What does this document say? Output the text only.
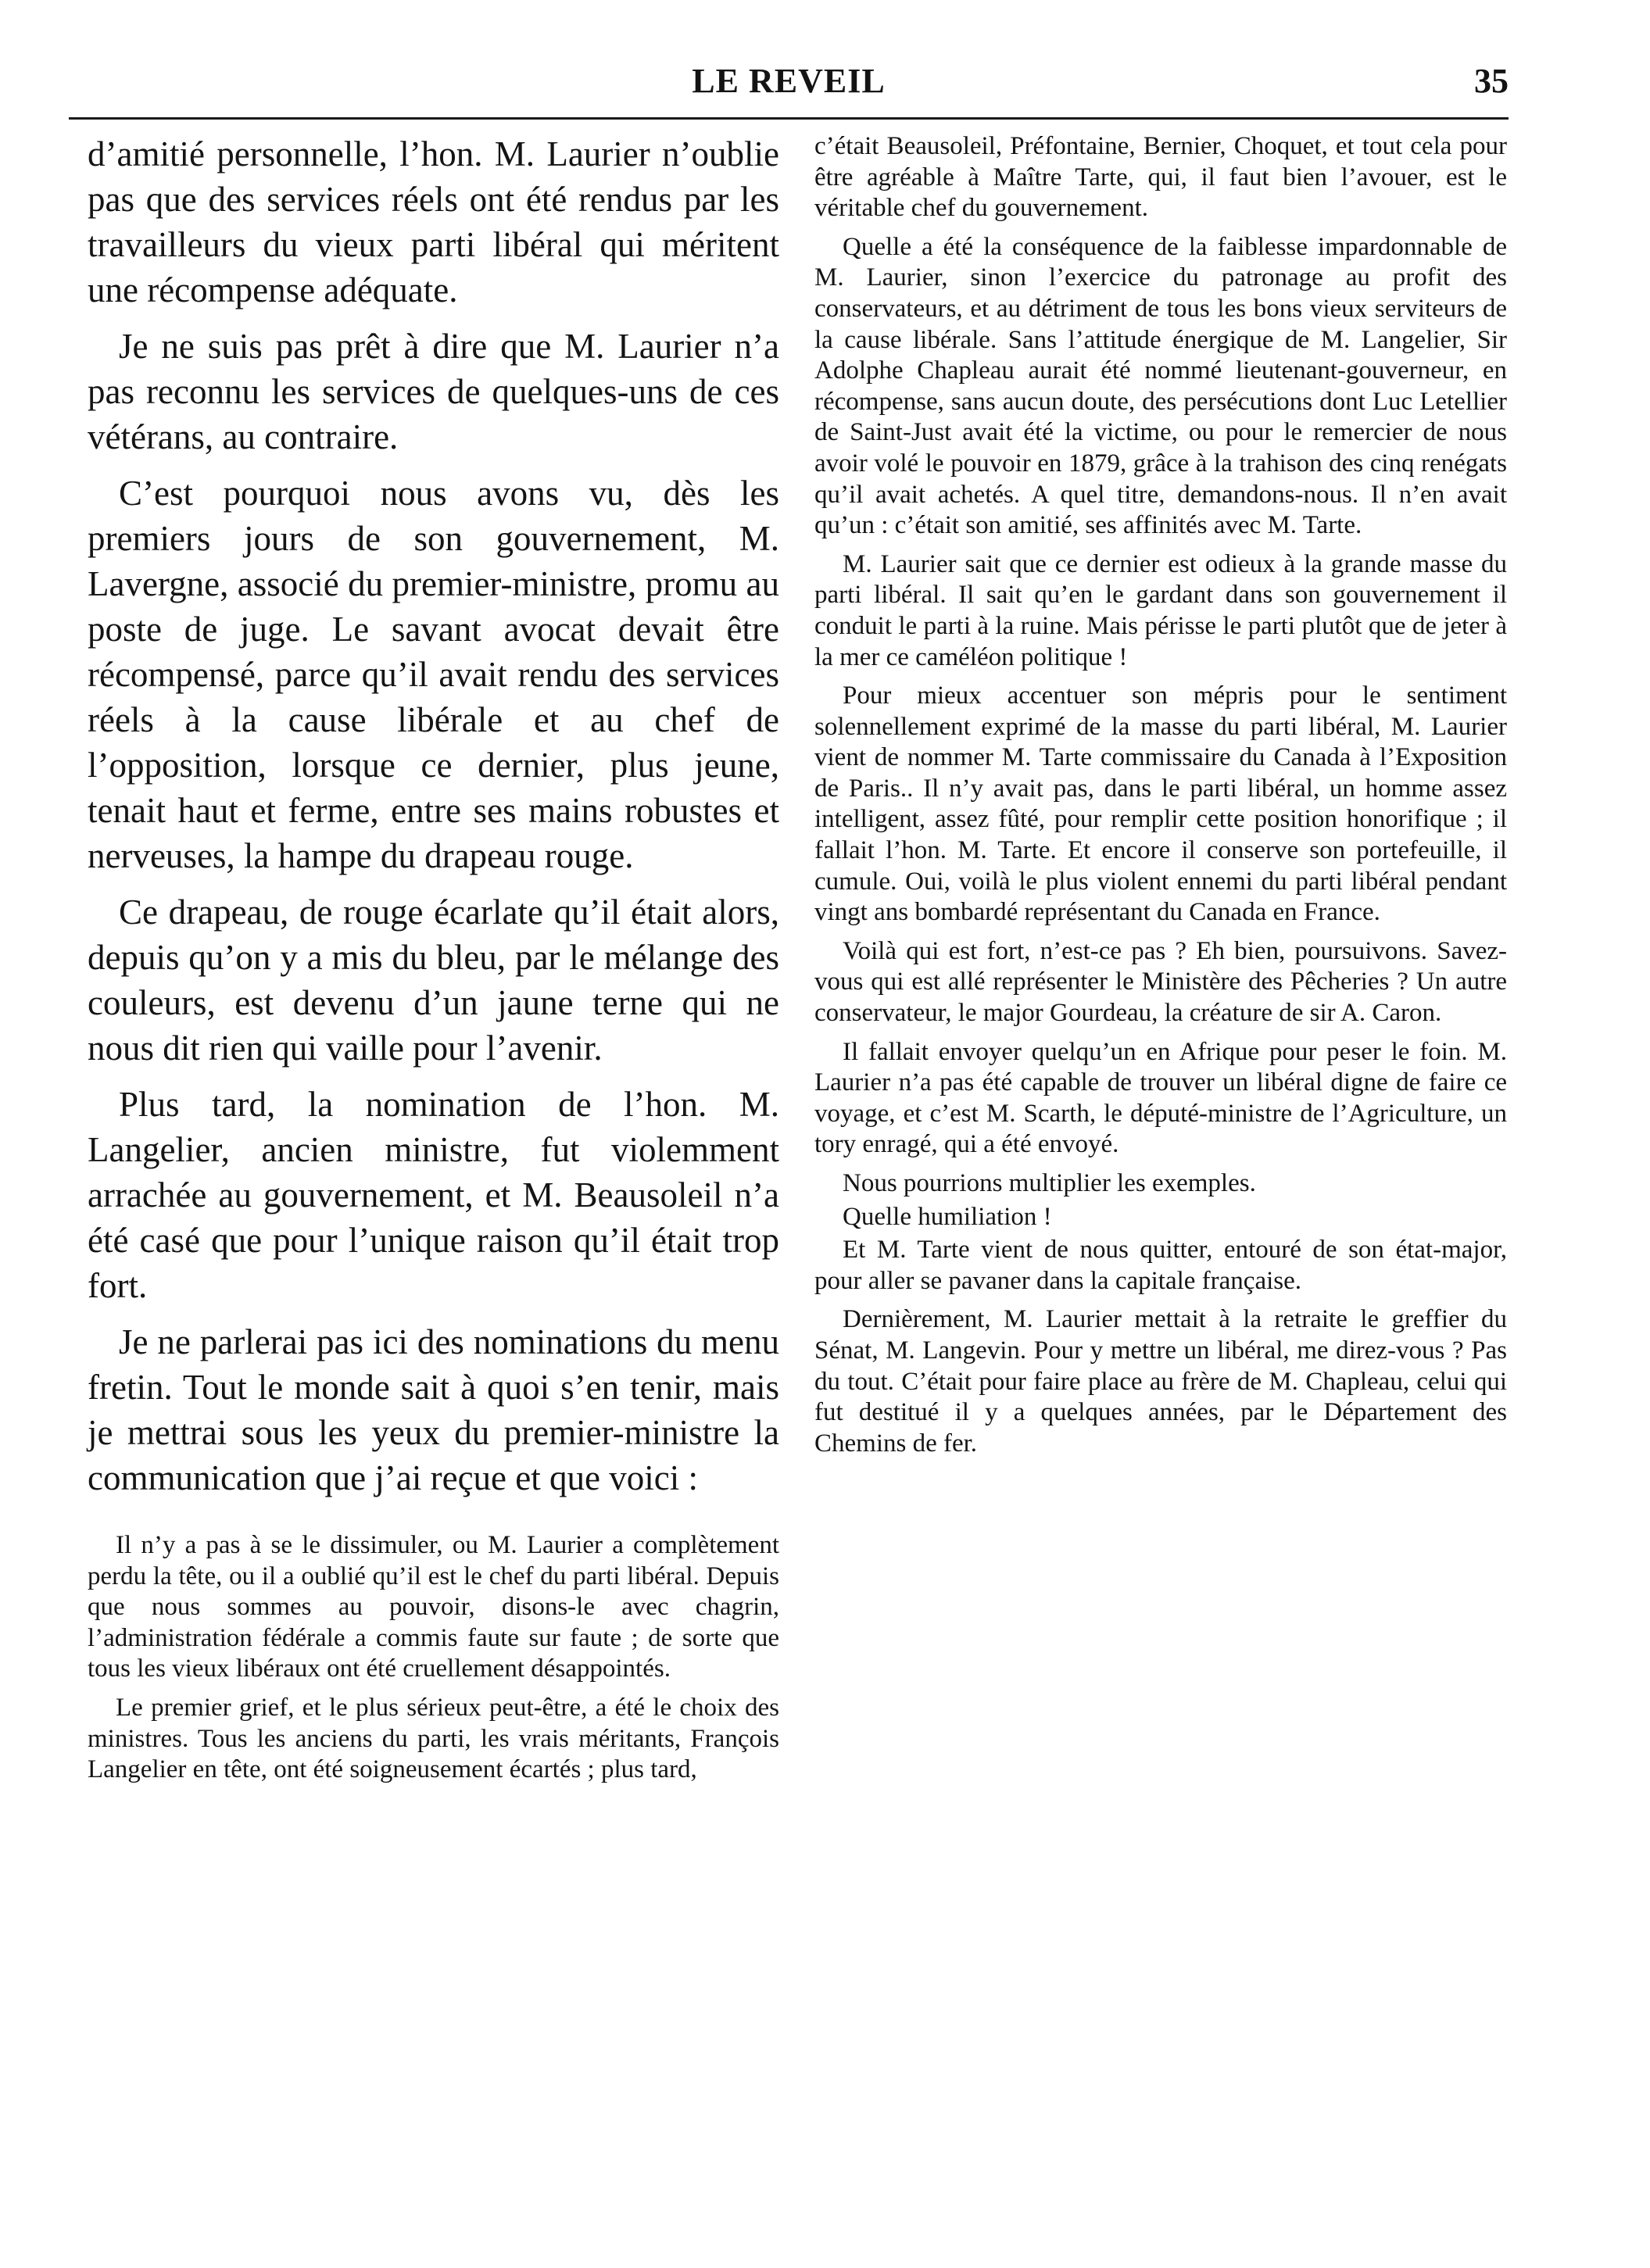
LE REVEIL	35

d’amitié personnelle, l’hon. M. Laurier n’oublie pas que des services réels ont été rendus par les travailleurs du vieux parti libéral qui méritent une récompense adéquate.

Je ne suis pas prêt à dire que M. Laurier n’a pas reconnu les services de quelques-uns de ces vétérans, au contraire.

C’est pourquoi nous avons vu, dès les premiers jours de son gouvernement, M. Lavergne, associé du premier-ministre, promu au poste de juge. Le savant avocat devait être récompensé, parce qu’il avait rendu des services réels à la cause libérale et au chef de l’opposition, lorsque ce dernier, plus jeune, tenait haut et ferme, entre ses mains robustes et nerveuses, la hampe du drapeau rouge.

Ce drapeau, de rouge écarlate qu’il était alors, depuis qu’on y a mis du bleu, par le mélange des couleurs, est devenu d’un jaune terne qui ne nous dit rien qui vaille pour l’avenir.

Plus tard, la nomination de l’hon. M. Langelier, ancien ministre, fut violemment arrachée au gouvernement, et M. Beausoleil n’a été casé que pour l’unique raison qu’il était trop fort.

Je ne parlerai pas ici des nominations du menu fretin. Tout le monde sait à quoi s’en tenir, mais je mettrai sous les yeux du premier-ministre la communication que j’ai reçue et que voici :

Il n’y a pas à se le dissimuler, ou M. Laurier a complètement perdu la tête, ou il a oublié qu’il est le chef du parti libéral. Depuis que nous sommes au pouvoir, disons-le avec chagrin, l’administration fédérale a commis faute sur faute ; de sorte que tous les vieux libéraux ont été cruellement désappointés.

Le premier grief, et le plus sérieux peut-être, a été le choix des ministres. Tous les anciens du parti, les vrais méritants, François Langelier en tête, ont été soigneusement écartés ; plus tard,

c’était Beausoleil, Préfontaine, Bernier, Choquet, et tout cela pour être agréable à Maître Tarte, qui, il faut bien l’avouer, est le véritable chef du gouvernement.

Quelle a été la conséquence de la faiblesse impardonnable de M. Laurier, sinon l’exercice du patronage au profit des conservateurs, et au détriment de tous les bons vieux serviteurs de la cause libérale. Sans l’attitude énergique de M. Langelier, Sir Adolphe Chapleau aurait été nommé lieutenant-gouverneur, en récompense, sans aucun doute, des persécutions dont Luc Letellier de Saint-Just avait été la victime, ou pour le remercier de nous avoir volé le pouvoir en 1879, grâce à la trahison des cinq renégats qu’il avait achetés. A quel titre, demandons-nous. Il n’en avait qu’un : c’était son amitié, ses affinités avec M. Tarte.

M. Laurier sait que ce dernier est odieux à la grande masse du parti libéral. Il sait qu’en le gardant dans son gouvernement il conduit le parti à la ruine. Mais périsse le parti plutôt que de jeter à la mer ce caméléon politique !

Pour mieux accentuer son mépris pour le sentiment solennellement exprimé de la masse du parti libéral, M. Laurier vient de nommer M. Tarte commissaire du Canada à l’Exposition de Paris.. Il n’y avait pas, dans le parti libéral, un homme assez intelligent, assez fûté, pour remplir cette position honorifique ; il fallait l’hon. M. Tarte. Et encore il conserve son portefeuille, il cumule. Oui, voilà le plus violent ennemi du parti libéral pendant vingt ans bombardé représentant du Canada en France.

Voilà qui est fort, n’est-ce pas ? Eh bien, poursuivons. Savez-vous qui est allé représenter le Ministère des Pêcheries ? Un autre conservateur, le major Gourdeau, la créature de sir A. Caron.

Il fallait envoyer quelqu’un en Afrique pour peser le foin. M. Laurier n’a pas été capable de trouver un libéral digne de faire ce voyage, et c’est M. Scarth, le député-ministre de l’Agriculture, un tory enragé, qui a été envoyé.

Nous pourrions multiplier les exemples.

Quelle humiliation !

Et M. Tarte vient de nous quitter, entouré de son état-major, pour aller se pavaner dans la capitale française.

Dernièrement, M. Laurier mettait à la retraite le greffier du Sénat, M. Langevin. Pour y mettre un libéral, me direz-vous ? Pas du tout. C’était pour faire place au frère de M. Chapleau, celui qui fut destitué il y a quelques années, par le Département des Chemins de fer.
